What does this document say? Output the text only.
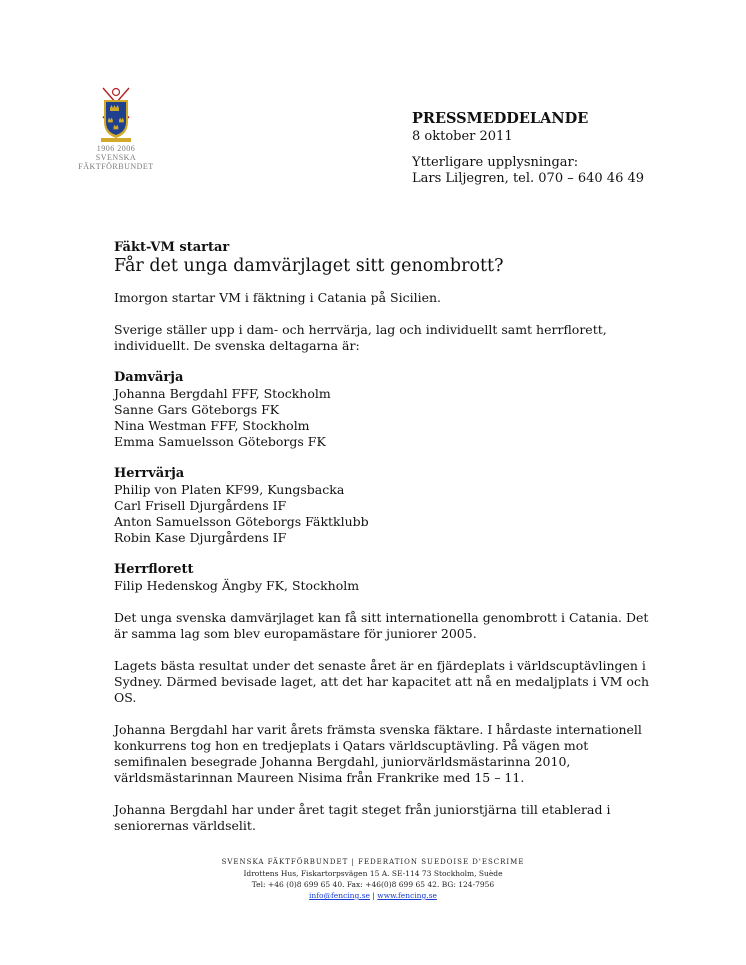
1906 2006
SVENSKA
FÄKTFÖRBUNDET
PRESSMEDDELANDE
8 oktober 2011
Ytterligare upplysningar:
Lars Liljegren, tel. 070 – 640 46 49

Fäkt-VM startar

Får det unga damvärjlaget sitt genombrott?

Imorgon startar VM i fäktning i Catania på Sicilien.

Sverige ställer upp i dam- och herrvärja, lag och individuellt samt herrflorett, individuellt. De svenska deltagarna är:

Damvärja

Johanna Bergdahl FFF, Stockholm
Sanne Gars Göteborgs FK
Nina Westman FFF, Stockholm
Emma Samuelsson Göteborgs FK

Herrvärja

Philip von Platen KF99, Kungsbacka
Carl Frisell Djurgårdens IF
Anton Samuelsson Göteborgs Fäktklubb
Robin Kase Djurgårdens IF

Herrflorett

Filip Hedenskog Ängby FK, Stockholm

Det unga svenska damvärjlaget kan få sitt internationella genombrott i Catania. Det är samma lag som blev europamästare för juniorer 2005.

Lagets bästa resultat under det senaste året är en fjärdeplats i världscuptävlingen i Sydney. Därmed bevisade laget, att det har kapacitet att nå en medaljplats i VM och OS.

Johanna Bergdahl har varit årets främsta svenska fäktare. I hårdaste internationell konkurrens tog hon en tredjeplats i Qatars världscuptävling. På vägen mot semifinalen besegrade Johanna Bergdahl, juniorvärldsmästarinna 2010, världsmästarinnan Maureen Nisima från Frankrike med 15 – 11.

Johanna Bergdahl har under året tagit steget från juniorstjärna till etablerad i seniorernas världselit.

SVENSKA FÄKTFÖRBUNDET | FEDERATION SUEDOISE D'ESCRIME
Idrottens Hus, Fiskartorpsvägen 15 A. SE-114 73 Stockholm, Suède
Tel: +46 (0)8 699 65 40. Fax: +46(0)8 699 65 42. BG: 124-7956
info@fencing.se | www.fencing.se
